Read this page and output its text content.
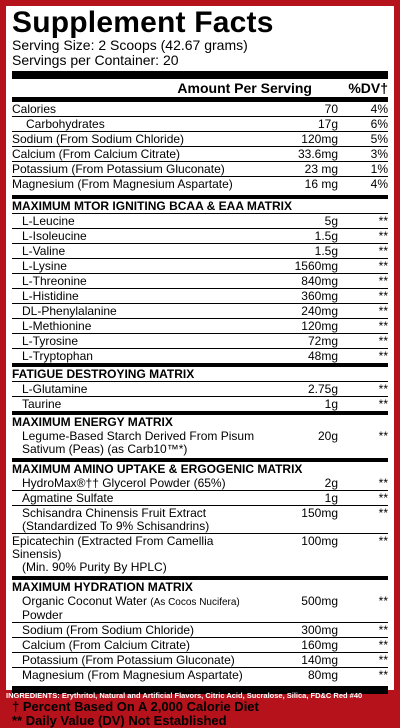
Supplement Facts
Serving Size: 2 Scoops (42.67 grams)
Servings per Container: 20
Amount Per Serving	%DV†
Calories	70	4%
Carbohydrates	17g	6%
Sodium (From Sodium Chloride)	120mg	5%
Calcium (From Calcium Citrate)	33.6mg	3%
Potassium (From Potassium Gluconate)	23 mg	1%
Magnesium (From Magnesium Aspartate)	16 mg	4%
MAXIMUM MTOR IGNITING BCAA & EAA MATRIX
L-Leucine	5g	**
L-Isoleucine	1.5g	**
L-Valine	1.5g	**
L-Lysine	1560mg	**
L-Threonine	840mg	**
L-Histidine	360mg	**
DL-Phenylalanine	240mg	**
L-Methionine	120mg	**
L-Tyrosine	72mg	**
L-Tryptophan	48mg	**
FATIGUE DESTROYING MATRIX
L-Glutamine	2.75g	**
Taurine	1g	**
MAXIMUM ENERGY MATRIX
Legume-Based Starch Derived From Pisum
Sativum (Peas) (as Carb10™*)
20g	**
MAXIMUM AMINO UPTAKE & ERGOGENIC MATRIX
HydroMax®†† Glycerol Powder (65%)	2g	**
Agmatine Sulfate	1g	**
Schisandra Chinensis Fruit Extract
(Standardized To 9% Schisandrins)
150mg	**
Epicatechin (Extracted From Camellia Sinensis)
(Min. 90% Purity By HPLC)
100mg	**
MAXIMUM HYDRATION MATRIX
Organic Coconut Water (As Cocos Nucifera) Powder
500mg	**
Sodium (From Sodium Chloride)	300mg	**
Calcium (From Calcium Citrate)	160mg	**
Potassium (From Potassium Gluconate)	140mg	**
Magnesium (From Magnesium Aspartate)	80mg	**
† Percent Based On A 2,000 Calorie Diet
** Daily Value (DV) Not Established
INGREDIENTS: Erythritol, Natural and Artificial Flavors, Citric Acid, Sucralose, Silica, FD&C Red #40
